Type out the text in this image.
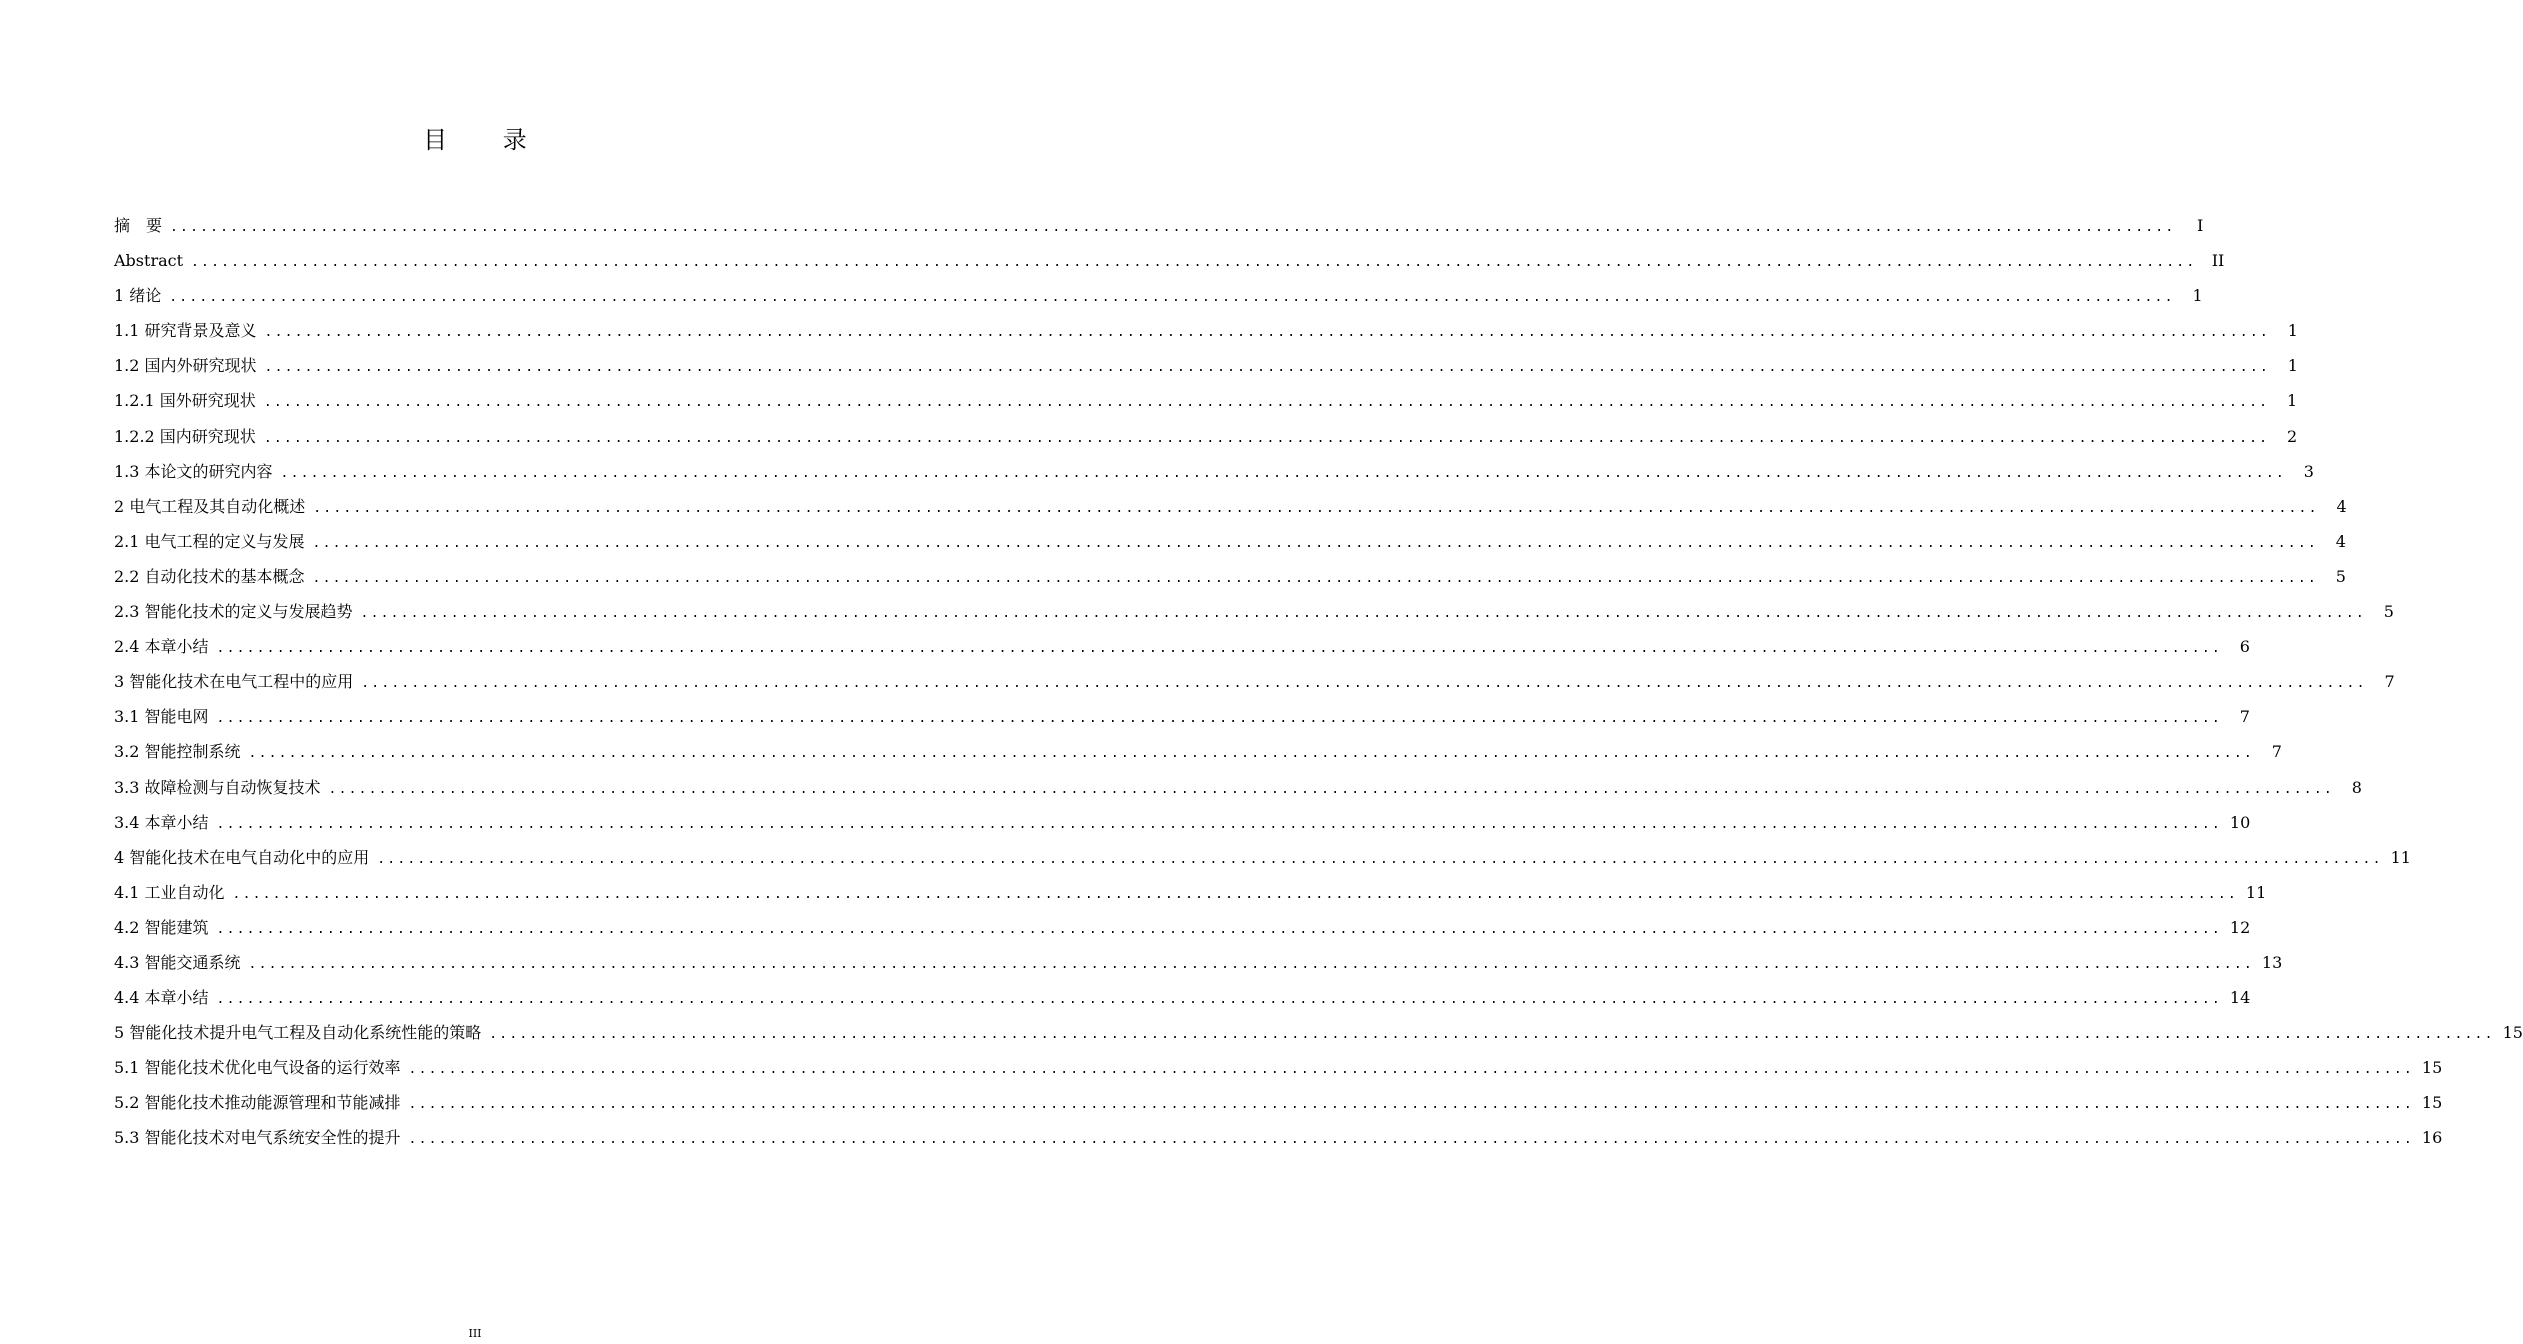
目 录
摘　要 ........................................................................................................................................................................................................	I
Abstract ........................................................................................................................................................................................................ II
1 绪论 ........................................................................................................................................................................................................	1
1.1 研究背景及意义 ........................................................................................................................................................................................................	1
1.2 国内外研究现状 ........................................................................................................................................................................................................	1
1.2.1 国外研究现状 ........................................................................................................................................................................................................	1
1.2.2 国内研究现状 ........................................................................................................................................................................................................	2
1.3 本论文的研究内容 ........................................................................................................................................................................................................	3
2 电气工程及其自动化概述 ........................................................................................................................................................................................................	4
2.1 电气工程的定义与发展 ........................................................................................................................................................................................................	4
2.2 自动化技术的基本概念 ........................................................................................................................................................................................................	5
2.3 智能化技术的定义与发展趋势 ........................................................................................................................................................................................................	5
2.4 本章小结 ........................................................................................................................................................................................................	6
3 智能化技术在电气工程中的应用 ........................................................................................................................................................................................................	7
3.1 智能电网 ........................................................................................................................................................................................................	7
3.2 智能控制系统 ........................................................................................................................................................................................................	7
3.3 故障检测与自动恢复技术 ........................................................................................................................................................................................................	8
3.4 本章小结 ........................................................................................................................................................................................................ 10
4 智能化技术在电气自动化中的应用 ........................................................................................................................................................................................................ 11
4.1 工业自动化 ........................................................................................................................................................................................................ 11
4.2 智能建筑 ........................................................................................................................................................................................................ 12
4.3 智能交通系统 ........................................................................................................................................................................................................ 13
4.4 本章小结 ........................................................................................................................................................................................................ 14
5 智能化技术提升电气工程及自动化系统性能的策略 ........................................................................................................................................................................................................ 15
5.1 智能化技术优化电气设备的运行效率 ........................................................................................................................................................................................................ 15
5.2 智能化技术推动能源管理和节能减排 ........................................................................................................................................................................................................ 15
5.3 智能化技术对电气系统安全性的提升 ........................................................................................................................................................................................................ 16
III
